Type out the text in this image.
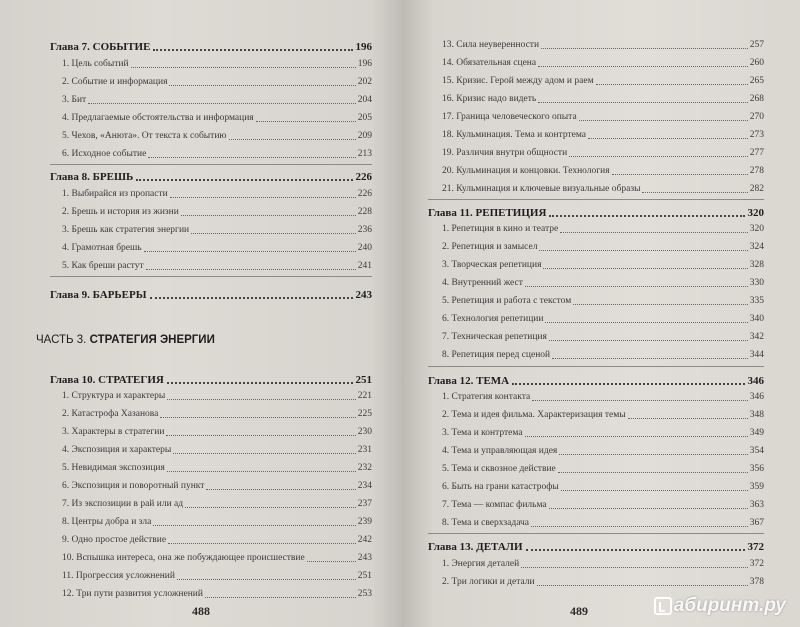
Глава 7. СОБЫТИЕ	196
1. Цель событий	196
2. Событие и информация	202
3. Бит	204
4. Предлагаемые обстоятельства и информация	205
5. Чехов, «Анюта». От текста к событию	209
6. Исходное событие	213
Глава 8. БРЕШЬ	226
1. Выбирайся из пропасти	226
2. Брешь и история из жизни	228
3. Брешь как стратегия энергии	236
4. Грамотная брешь	240
5. Как бреши растут	241
Глава 9. БАРЬЕРЫ	243
ЧАСТЬ 3. СТРАТЕГИЯ ЭНЕРГИИ
Глава 10. СТРАТЕГИЯ	251
1. Структура и характеры	221
2. Катастрофа Хазанова	225
3. Характеры в стратегии	230
4. Экспозиция и характеры	231
5. Невидимая экспозиция	232
6. Экспозиция и поворотный пункт	234
7. Из экспозиции в рай или ад	237
8. Центры добра и зла	239
9. Одно простое действие	242
10. Вспышка интереса, она же побуждающее происшествие	243
11. Прогрессия усложнений	251
12. Три пути развития усложнений	253
488
13. Сила неуверенности	257
14. Обязательная сцена	260
15. Кризис. Герой между адом и раем	265
16. Кризис надо видеть	268
17. Граница человеческого опыта	270
18. Кульминация. Тема и контртема	273
19. Различия внутри общности	277
20. Кульминация и концовки. Технология	278
21. Кульминация и ключевые визуальные образы	282
Глава 11. РЕПЕТИЦИЯ	320
1. Репетиция в кино и театре	320
2. Репетиция и замысел	324
3. Творческая репетиция	328
4. Внутренний жест	330
5. Репетиция и работа с текстом	335
6. Технология репетиции	340
7. Техническая репетиция	342
8. Репетиция перед сценой	344
Глава 12. ТЕМА	346
1. Стратегия контакта	346
2. Тема и идея фильма. Характеризация темы	348
3. Тема и контртема	349
4. Тема и управляющая идея	354
5. Тема и сквозное действие	356
6. Быть на грани катастрофы	359
7. Тема — компас фильма	363
8. Тема и сверхзадача	367
Глава 13. ДЕТАЛИ	372
1. Энергия деталей	372
2. Три логики и детали	378
489	абиринт.ру
